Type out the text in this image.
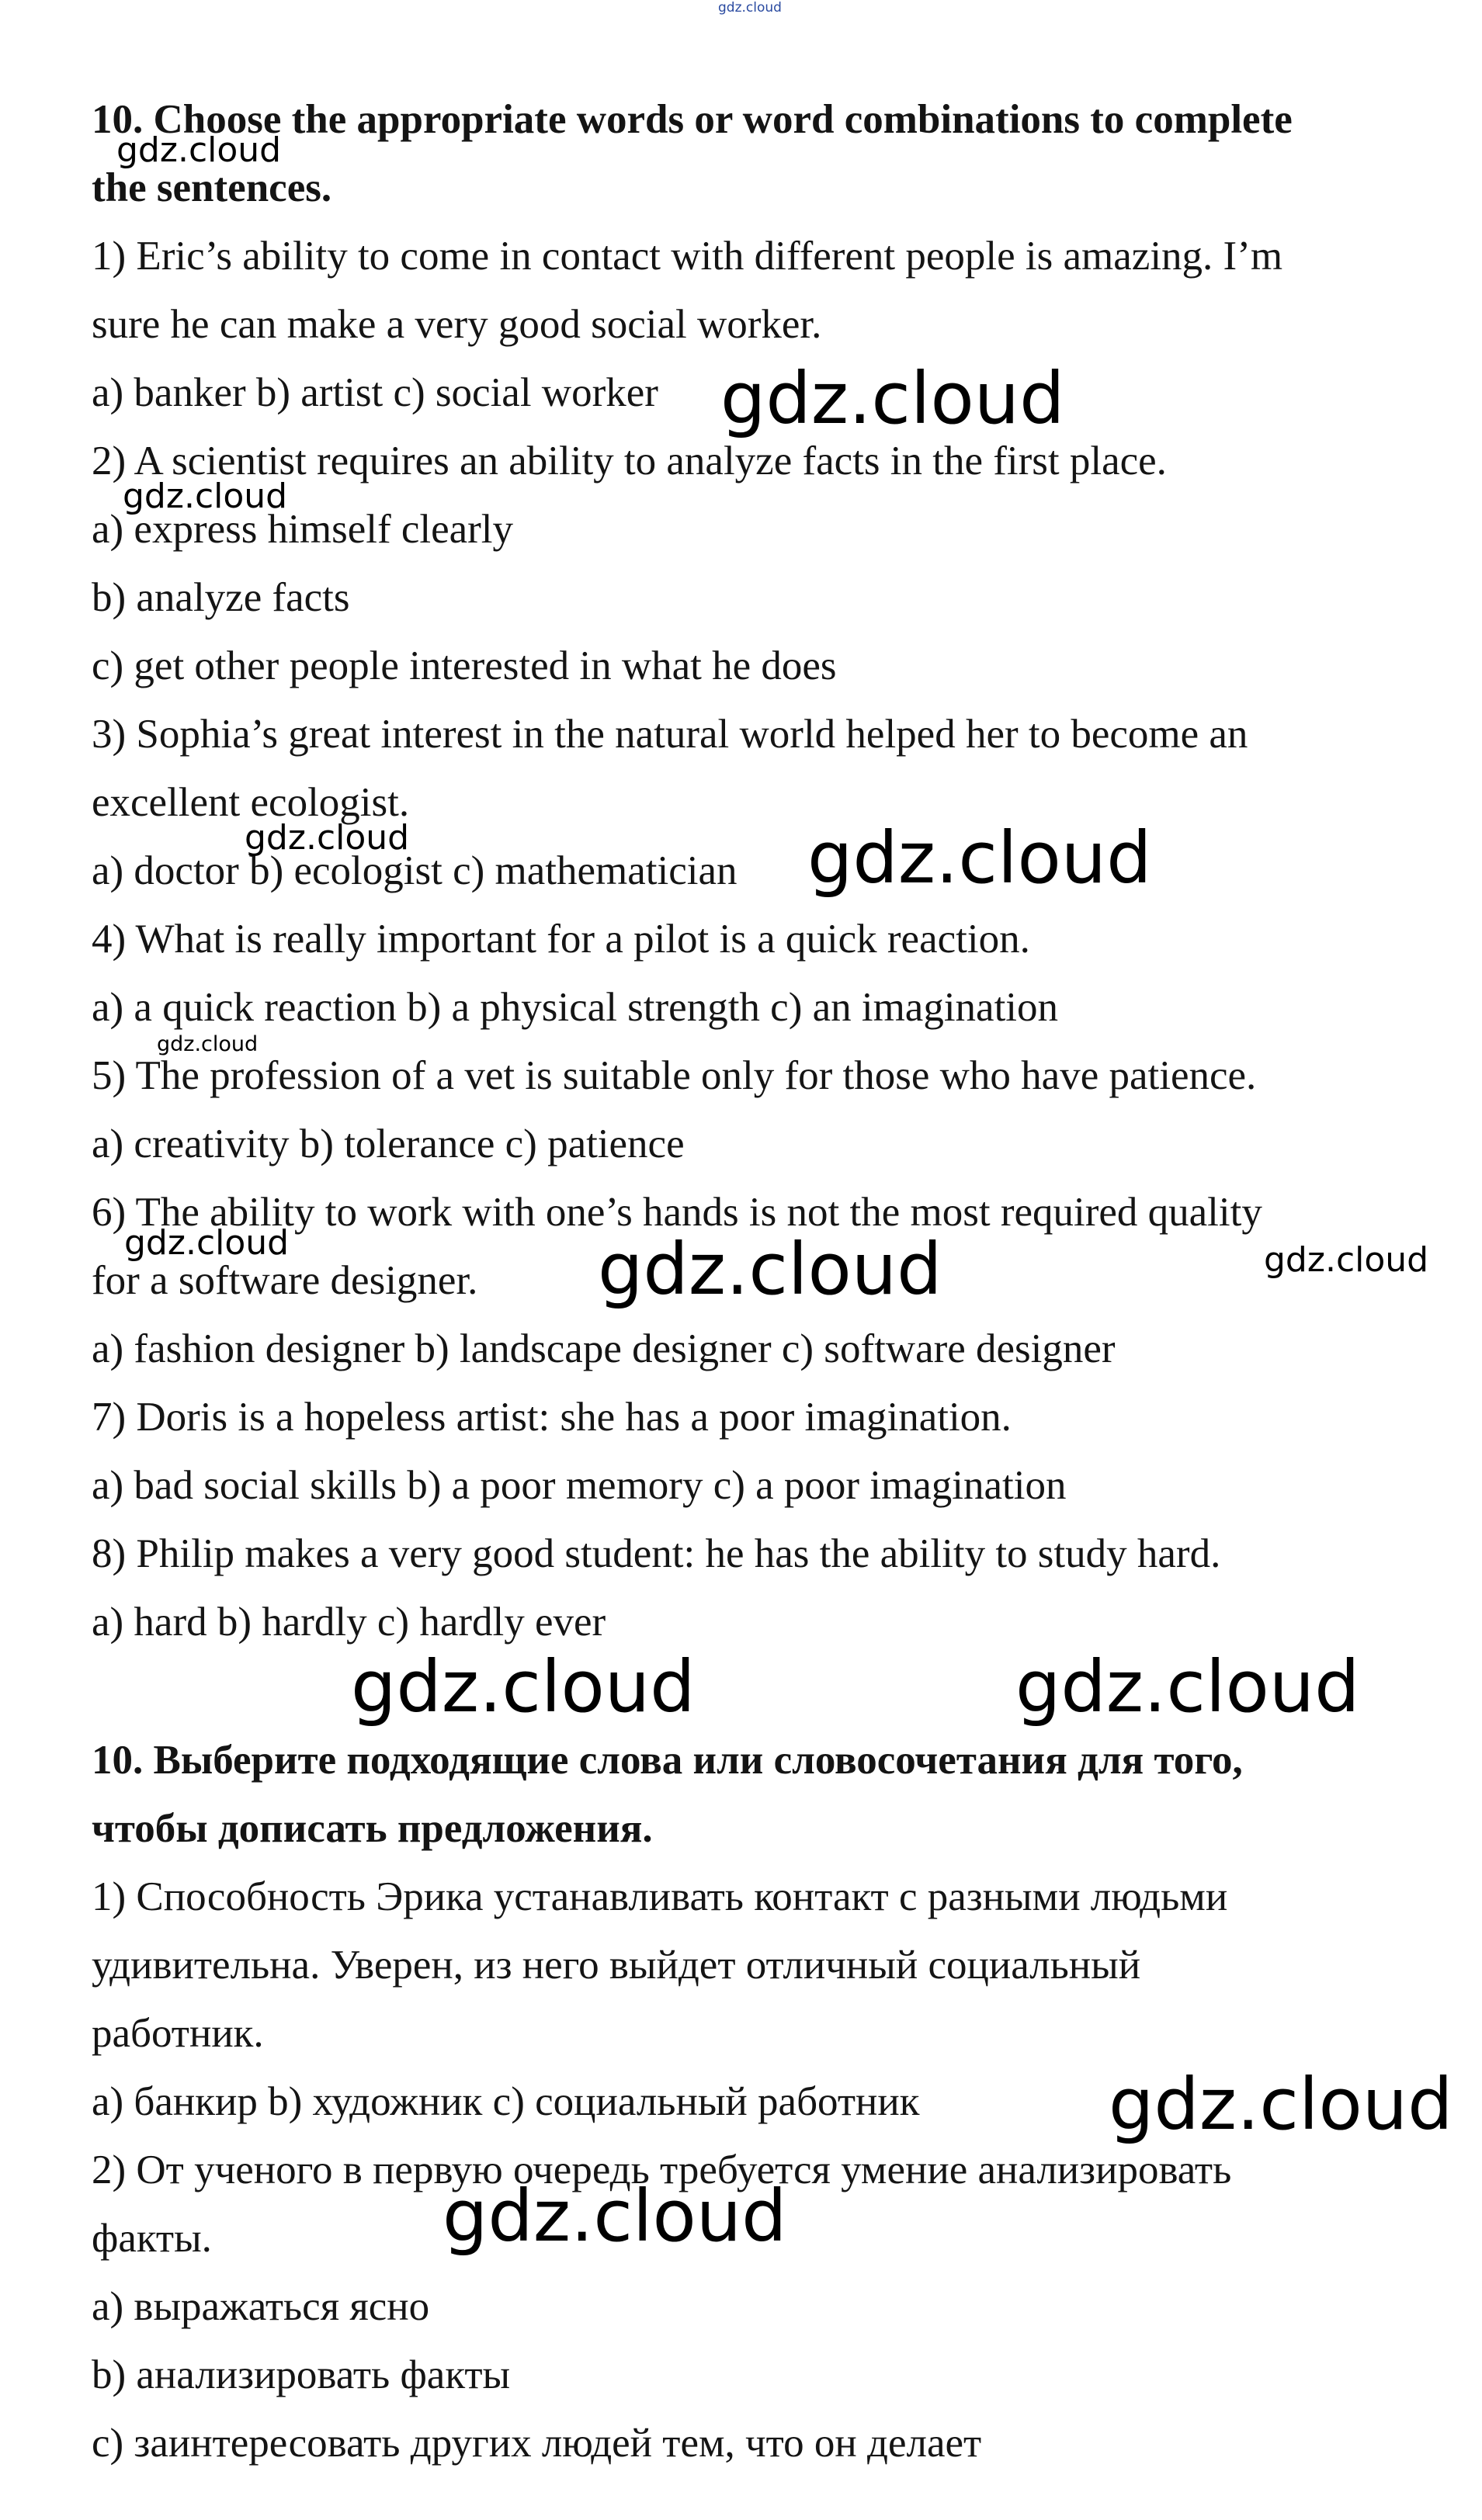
gdz.cloud
10. Choose the appropriate words or word combinations to complete
the sentences.
1) Eric’s ability to come in contact with different people is amazing. I’m
sure he can make a very good social worker.
a) banker b) artist c) social worker
2) A scientist requires an ability to analyze facts in the first place.
a) express himself clearly
b) analyze facts
c) get other people interested in what he does
3) Sophia’s great interest in the natural world helped her to become an
excellent ecologist.
a) doctor b) ecologist c) mathematician
4) What is really important for a pilot is a quick reaction.
a) a quick reaction b) a physical strength c) an imagination
5) The profession of a vet is suitable only for those who have patience.
a) creativity b) tolerance c) patience
6) The ability to work with one’s hands is not the most required quality
for a software designer.
a) fashion designer b) landscape designer c) software designer
7) Doris is a hopeless artist: she has a poor imagination.
a) bad social skills b) a poor memory c) a poor imagination
8) Philip makes a very good student: he has the ability to study hard.
a) hard b) hardly c) hardly ever
10. Выберите подходящие слова или словосочетания для того,
чтобы дописать предложения.
1) Способность Эрика устанавливать контакт с разными людьми
удивительна. Уверен, из него выйдет отличный социальный
работник.
a) банкир b) художник c) социальный работник
2) От ученого в первую очередь требуется умение анализировать
факты.
a) выражаться ясно
b) анализировать факты
c) заинтересовать других людей тем, что он делает
gdz.cloud
gdz.cloud
gdz.cloud
gdz.cloud	gdz.cloud
gdz.cloud
gdz.cloud	gdz.cloud	gdz.cloud
gdz.cloud	gdz.cloud
gdz.cloud
gdz.cloud
